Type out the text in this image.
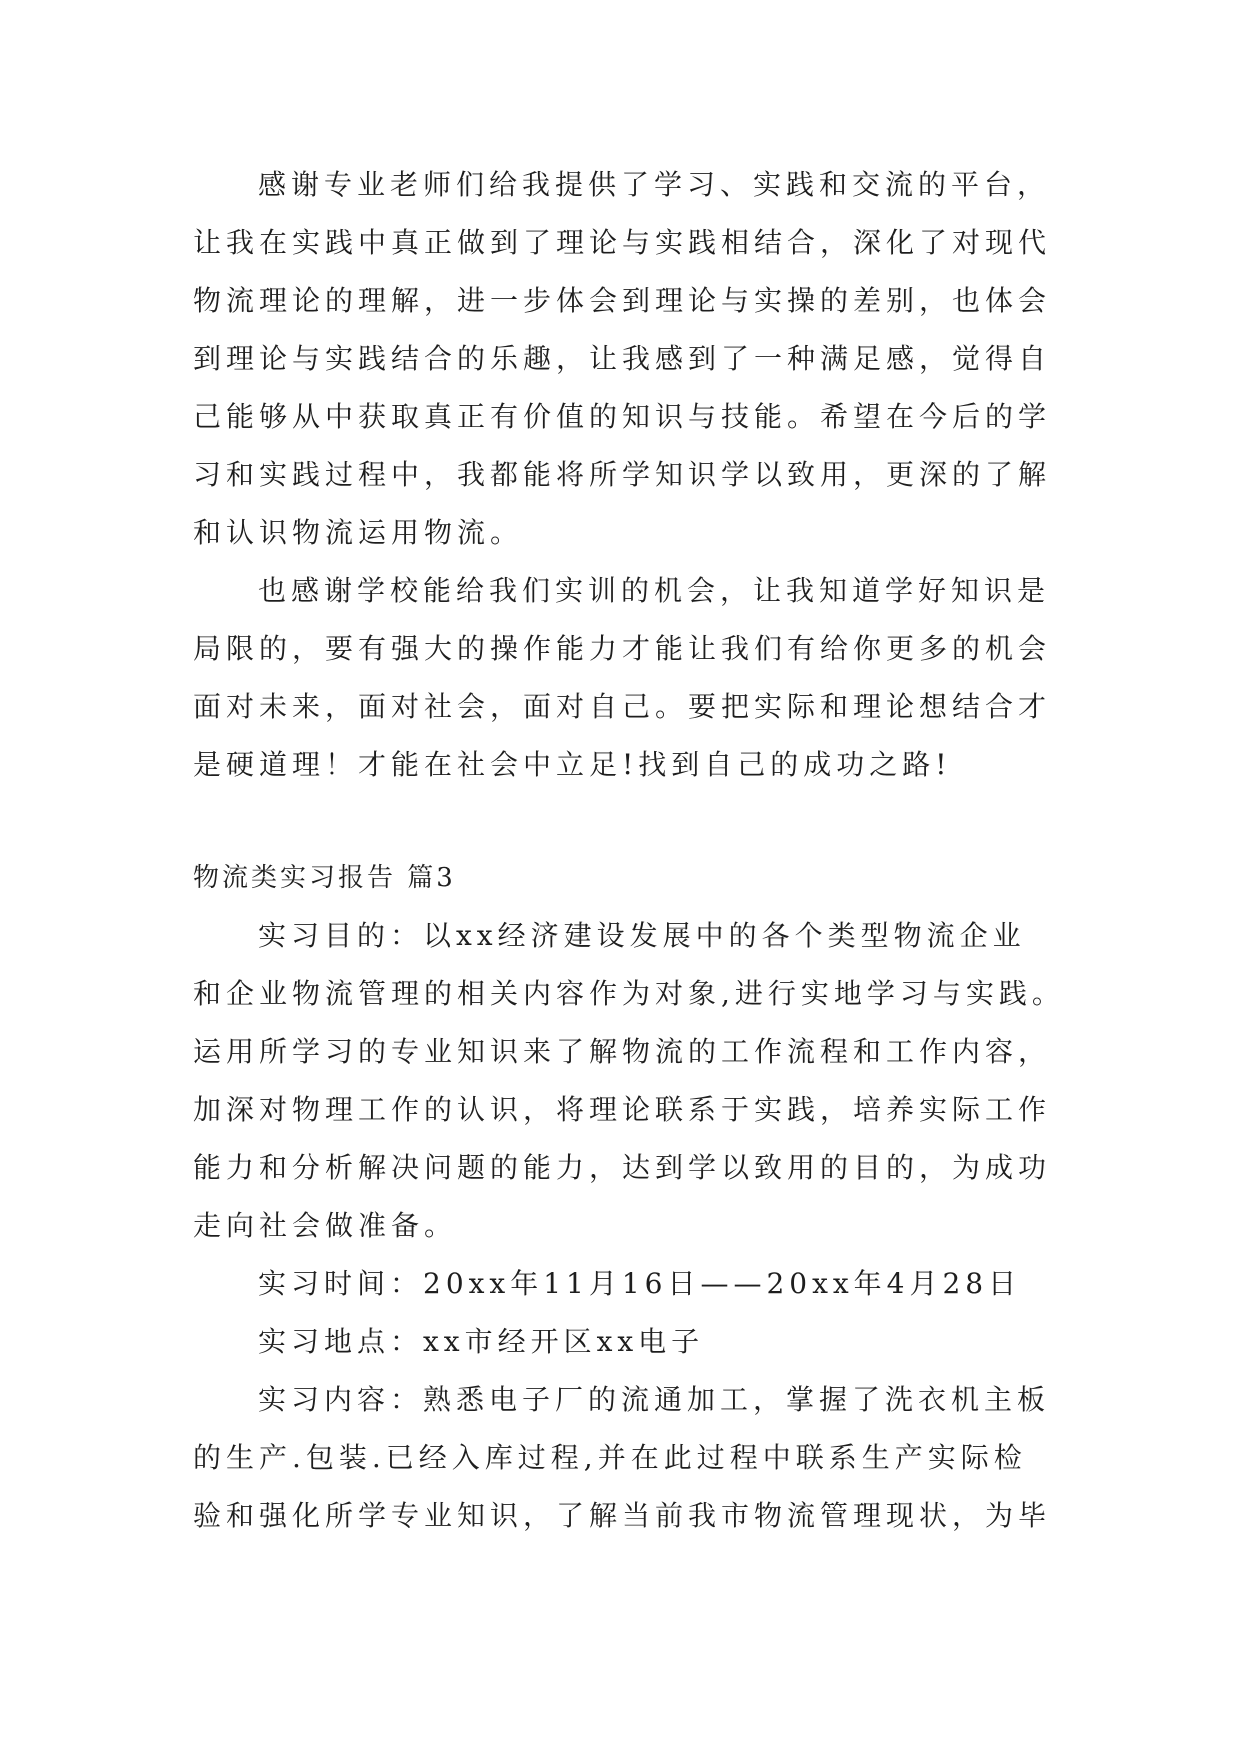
感谢专业老师们给我提供了学习、实践和交流的平台，
让我在实践中真正做到了理论与实践相结合，深化了对现代
物流理论的理解，进一步体会到理论与实操的差别，也体会
到理论与实践结合的乐趣，让我感到了一种满足感，觉得自
己能够从中获取真正有价值的知识与技能。希望在今后的学
习和实践过程中，我都能将所学知识学以致用，更深的了解
和认识物流运用物流。
也感谢学校能给我们实训的机会，让我知道学好知识是
局限的，要有强大的操作能力才能让我们有给你更多的机会
面对未来，面对社会，面对自己。要把实际和理论想结合才
是硬道理！才能在社会中立足!找到自己的成功之路!
物流类实习报告 篇3
实习目的：以xx经济建设发展中的各个类型物流企业
和企业物流管理的相关内容作为对象,进行实地学习与实践。
运用所学习的专业知识来了解物流的工作流程和工作内容，
加深对物理工作的认识，将理论联系于实践，培养实际工作
能力和分析解决问题的能力，达到学以致用的目的，为成功
走向社会做准备。
实习时间：20xx年11月16日——20xx年4月28日
实习地点：xx市经开区xx电子
实习内容：熟悉电子厂的流通加工，掌握了洗衣机主板
的生产.包装.已经入库过程,并在此过程中联系生产实际检
验和强化所学专业知识，了解当前我市物流管理现状，为毕
